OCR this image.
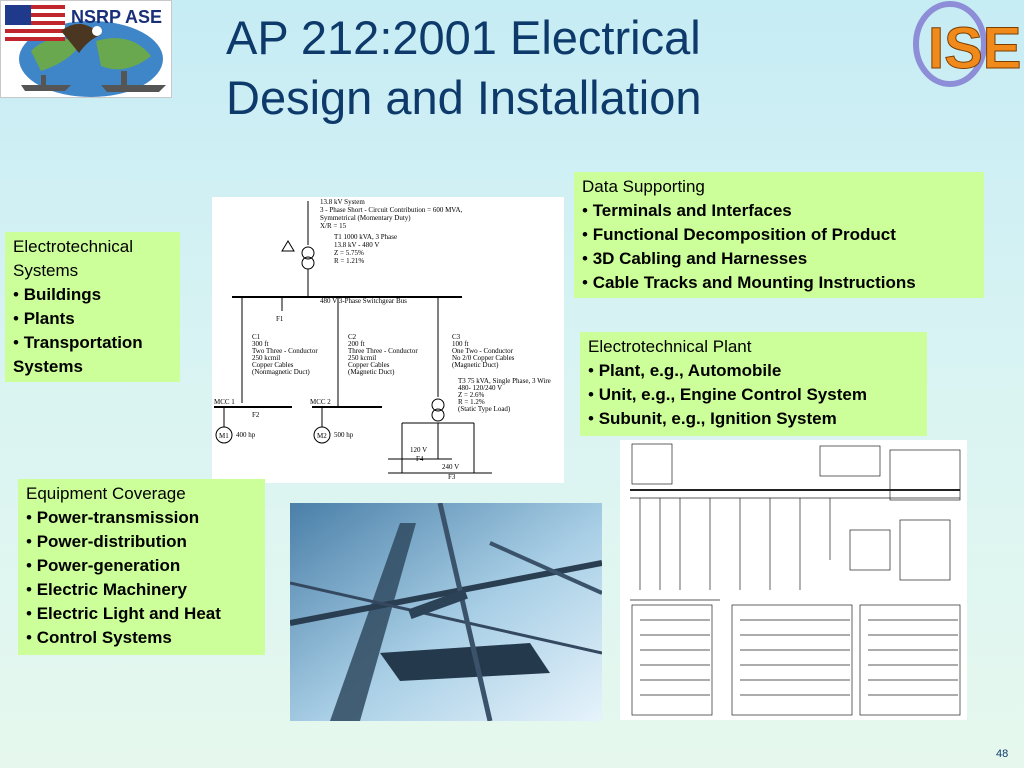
AP 212:2001 Electrical
Design and Installation
NSRP ASE	ISE
13.8 kV System
3 - Phase Short - Circuit Contribution = 600 MVA,
Symmetrical (Momentary Duty)
X/R = 15
T1 1000 kVA, 3 Phase
13.8 kV - 480 V
Z = 5.75%
R = 1.21%
480 V 3-Phase Switchgear Bus
F1
C1
300 ft
Two Three - Conductor
250 kcmil
Copper Cables
(Nonmagnetic Duct)
C2
200 ft
Three Three - Conductor
250 kcmil
Copper Cables
(Magnetic Duct)
C3
100 ft
One Two - Conductor
No 2/0 Copper Cables
(Magnetic Duct)
T3 75 kVA, Single Phase, 3 Wire
480- 120/240 V
Z = 2.6%
R = 1.2%
(Static Type Load)
MCC 1	MCC 2
F2
M1	M2
400 hp	500 hp
120 V
F4
240 V
F3
Data Supporting
• Terminals and Interfaces
• Functional Decomposition of Product
• 3D Cabling and Harnesses
• Cable Tracks and Mounting Instructions
Electrotechnical Plant
• Plant, e.g., Automobile
• Unit, e.g., Engine Control System
• Subunit, e.g., Ignition System
Electrotechnical Systems
• Buildings
• Plants
• Transportation Systems
Equipment Coverage
• Power-transmission
• Power-distribution
• Power-generation
• Electric Machinery
• Electric Light and Heat
• Control Systems
48
